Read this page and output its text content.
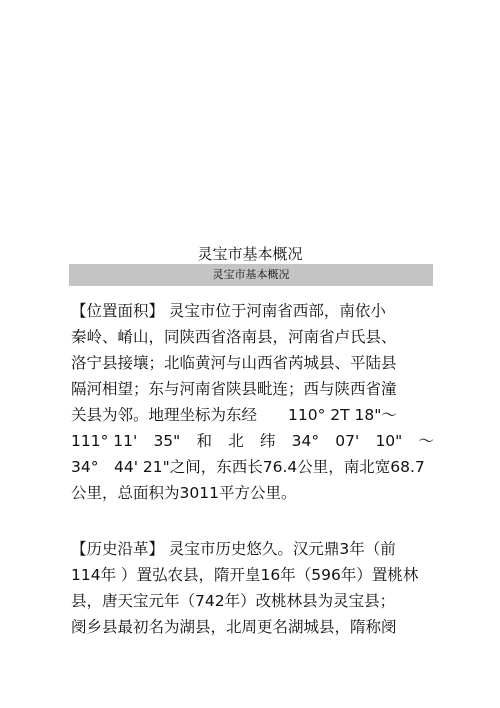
灵宝市基本概况
灵宝市基本概况
【位置面积】 灵宝市位于河南省西部，南依小
秦岭、崤山，同陕西省洛南县，河南省卢氏县、
洛宁县接壤；北临黄河与山西省芮城县、平陆县
隔河相望；东与河南省陕县毗连；西与陕西省潼
关县为邻。地理坐标为东经　　110° 2T 18"～
111° 11' 35" 和 北 纬 34° 07' 10" ～
34°　44' 21"之间，东西长76.4公里，南北宽68.7
公里，总面积为3011平方公里。
【历史沿革】 灵宝市历史悠久。汉元鼎3年（前
114年 ）置弘农县，隋开皇16年（596年）置桃林
县，唐天宝元年（742年）改桃林县为灵宝县；
阌乡县最初名为湖县，北周更名湖城县，隋称阌
